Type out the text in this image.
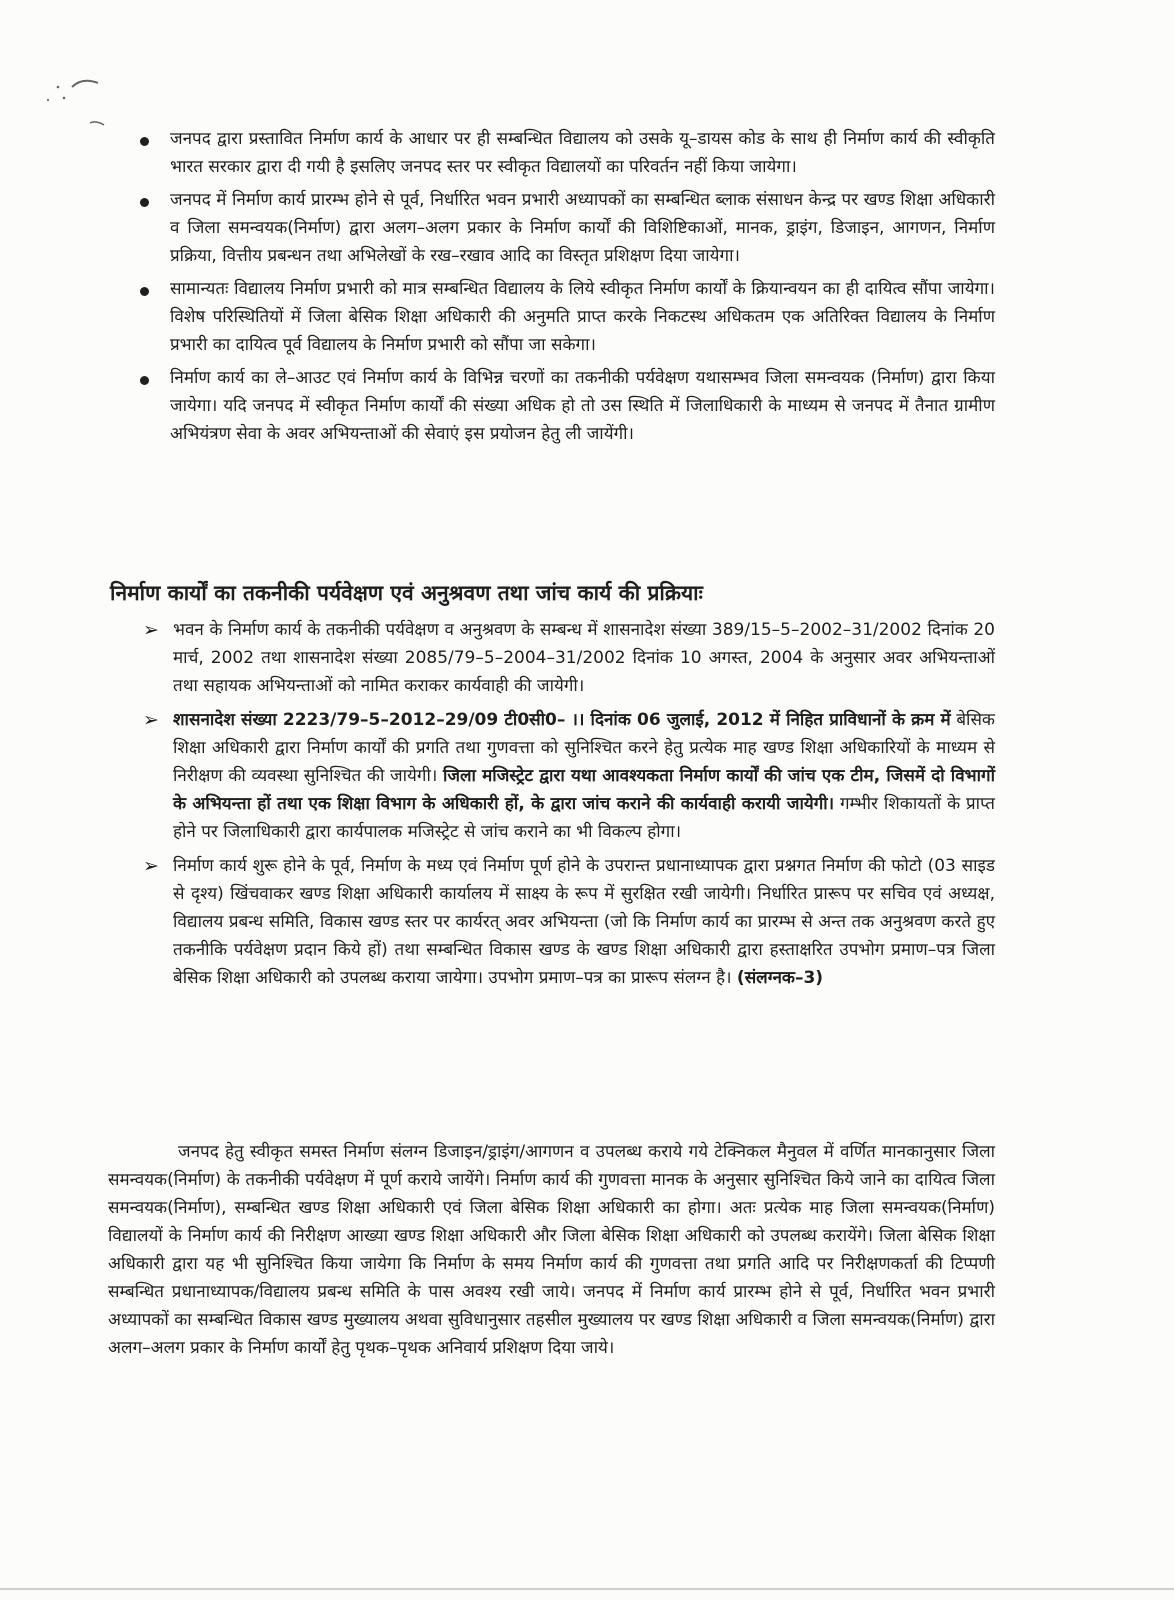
जनपद द्वारा प्रस्तावित निर्माण कार्य के आधार पर ही सम्बन्धित विद्यालय को उसके यू–डायस कोड के साथ ही निर्माण कार्य की स्वीकृति भारत सरकार द्वारा दी गयी है इसलिए जनपद स्तर पर स्वीकृत विद्यालयों का परिवर्तन नहीं किया जायेगा।

जनपद में निर्माण कार्य प्रारम्भ होने से पूर्व, निर्धारित भवन प्रभारी अध्यापकों का सम्बन्धित ब्लाक संसाधन केन्द्र पर खण्ड शिक्षा अधिकारी व जिला समन्वयक(निर्माण) द्वारा अलग–अलग प्रकार के निर्माण कार्यों की विशिष्टिकाओं, मानक, ड्राइंग, डिजाइन, आगणन, निर्माण प्रक्रिया, वित्तीय प्रबन्धन तथा अभिलेखों के रख–रखाव आदि का विस्तृत प्रशिक्षण दिया जायेगा।

सामान्यतः विद्यालय निर्माण प्रभारी को मात्र सम्बन्धित विद्यालय के लिये स्वीकृत निर्माण कार्यों के क्रियान्वयन का ही दायित्व सौंपा जायेगा। विशेष परिस्थितियों में जिला बेसिक शिक्षा अधिकारी की अनुमति प्राप्त करके निकटस्थ अधिकतम एक अतिरिक्त विद्यालय के निर्माण प्रभारी का दायित्व पूर्व विद्यालय के निर्माण प्रभारी को सौंपा जा सकेगा।

निर्माण कार्य का ले–आउट एवं निर्माण कार्य के विभिन्न चरणों का तकनीकी पर्यवेक्षण यथासम्भव जिला समन्वयक (निर्माण) द्वारा किया जायेगा। यदि जनपद में स्वीकृत निर्माण कार्यों की संख्या अधिक हो तो उस स्थिति में जिलाधिकारी के माध्यम से जनपद में तैनात ग्रामीण अभियंत्रण सेवा के अवर अभियन्ताओं की सेवाएं इस प्रयोजन हेतु ली जायेंगी।

निर्माण कार्यों का तकनीकी पर्यवेक्षण एवं अनुश्रवण तथा जांच कार्य की प्रक्रियाः
➢ भवन के निर्माण कार्य के तकनीकी पर्यवेक्षण व अनुश्रवण के सम्बन्ध में शासनादेश संख्या 389/15–5–2002–31/2002 दिनांक 20 मार्च, 2002 तथा शासनादेश संख्या 2085/79–5–2004–31/2002 दिनांक 10 अगस्त, 2004 के अनुसार अवर अभियन्ताओं तथा सहायक अभियन्ताओं को नामित कराकर कार्यवाही की जायेगी।

➢ शासनादेश संख्या 2223/79–5–2012–29/09 टी0सी0– ।। दिनांक 06 जुलाई, 2012 में निहित प्राविधानों के क्रम में बेसिक शिक्षा अधिकारी द्वारा निर्माण कार्यों की प्रगति तथा गुणवत्ता को सुनिश्चित करने हेतु प्रत्येक माह खण्ड शिक्षा अधिकारियों के माध्यम से निरीक्षण की व्यवस्था सुनिश्चित की जायेगी। जिला मजिस्ट्रेट द्वारा यथा आवश्यकता निर्माण कार्यों की जांच एक टीम, जिसमें दो विभागों के अभियन्ता हों तथा एक शिक्षा विभाग के अधिकारी हों, के द्वारा जांच कराने की कार्यवाही करायी जायेगी। गम्भीर शिकायतों के प्राप्त होने पर जिलाधिकारी द्वारा कार्यपालक मजिस्ट्रेट से जांच कराने का भी विकल्प होगा।

➢ निर्माण कार्य शुरू होने के पूर्व, निर्माण के मध्य एवं निर्माण पूर्ण होने के उपरान्त प्रधानाध्यापक द्वारा प्रश्नगत निर्माण की फोटो (03 साइड से दृश्य) खिंचवाकर खण्ड शिक्षा अधिकारी कार्यालय में साक्ष्य के रूप में सुरक्षित रखी जायेगी। निर्धारित प्रारूप पर सचिव एवं अध्यक्ष, विद्यालय प्रबन्ध समिति, विकास खण्ड स्तर पर कार्यरत् अवर अभियन्ता (जो कि निर्माण कार्य का प्रारम्भ से अन्त तक अनुश्रवण करते हुए तकनीकि पर्यवेक्षण प्रदान किये हों) तथा सम्बन्धित विकास खण्ड के खण्ड शिक्षा अधिकारी द्वारा हस्ताक्षरित उपभोग प्रमाण–पत्र जिला बेसिक शिक्षा अधिकारी को उपलब्ध कराया जायेगा। उपभोग प्रमाण–पत्र का प्रारूप संलग्न है। (संलग्नक–3)

जनपद हेतु स्वीकृत समस्त निर्माण संलग्न डिजाइन/ड्राइंग/आगणन व उपलब्ध कराये गये टेक्निकल मैनुवल में वर्णित मानकानुसार जिला समन्वयक(निर्माण) के तकनीकी पर्यवेक्षण में पूर्ण कराये जायेंगे। निर्माण कार्य की गुणवत्ता मानक के अनुसार सुनिश्चित किये जाने का दायित्व जिला समन्वयक(निर्माण), सम्बन्धित खण्ड शिक्षा अधिकारी एवं जिला बेसिक शिक्षा अधिकारी का होगा। अतः प्रत्येक माह जिला समन्वयक(निर्माण) विद्यालयों के निर्माण कार्य की निरीक्षण आख्या खण्ड शिक्षा अधिकारी और जिला बेसिक शिक्षा अधिकारी को उपलब्ध करायेंगे। जिला बेसिक शिक्षा अधिकारी द्वारा यह भी सुनिश्चित किया जायेगा कि निर्माण के समय निर्माण कार्य की गुणवत्ता तथा प्रगति आदि पर निरीक्षणकर्ता की टिप्पणी सम्बन्धित प्रधानाध्यापक/विद्यालय प्रबन्ध समिति के पास अवश्य रखी जाये। जनपद में निर्माण कार्य प्रारम्भ होने से पूर्व, निर्धारित भवन प्रभारी अध्यापकों का सम्बन्धित विकास खण्ड मुख्यालय अथवा सुविधानुसार तहसील मुख्यालय पर खण्ड शिक्षा अधिकारी व जिला समन्वयक(निर्माण) द्वारा अलग–अलग प्रकार के निर्माण कार्यों हेतु पृथक–पृथक अनिवार्य प्रशिक्षण दिया जाये।
